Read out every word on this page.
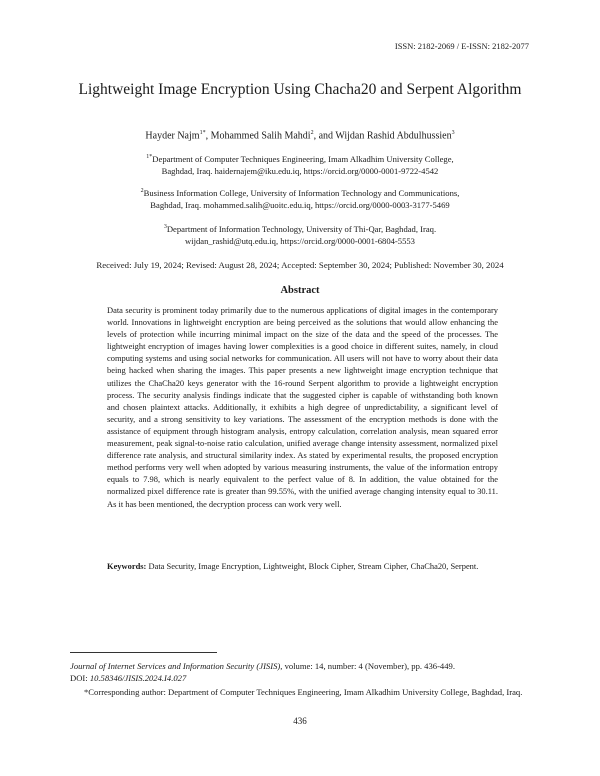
ISSN: 2182-2069 / E-ISSN: 2182-2077
Lightweight Image Encryption Using Chacha20 and Serpent Algorithm
Hayder Najm$^{1*}$, Mohammed Salih Mahdi$^2$, and Wijdan Rashid Abdulhussien$^3$
$^{1*}$Department of Computer Techniques Engineering, Imam Alkadhim University College,
Baghdad, Iraq. haidernajem@iku.edu.iq, https://orcid.org/0000-0001-9722-4542
$^2$Business Information College, University of Information Technology and Communications,
Baghdad, Iraq. mohammed.salih@uoitc.edu.iq, https://orcid.org/0000-0003-3177-5469
$^3$Department of Information Technology, University of Thi-Qar, Baghdad, Iraq.
wijdan_rashid@utq.edu.iq, https://orcid.org/0000-0001-6804-5553
Received: July 19, 2024; Revised: August 28, 2024; Accepted: September 30, 2024; Published: November 30, 2024
Abstract

Data security is prominent today primarily due to the numerous applications of digital images in the contemporary world. Innovations in lightweight encryption are being perceived as the solutions that would allow enhancing the levels of protection while incurring minimal impact on the size of the data and the speed of the processes. The lightweight encryption of images having lower complexities is a good choice in different suites, namely, in cloud computing systems and using social networks for communication. All users will not have to worry about their data being hacked when sharing the images. This paper presents a new lightweight image encryption technique that utilizes the ChaCha20 keys generator with the 16-round Serpent algorithm to provide a lightweight encryption process. The security analysis findings indicate that the suggested cipher is capable of withstanding both known and chosen plaintext attacks. Additionally, it exhibits a high degree of unpredictability, a significant level of security, and a strong sensitivity to key variations. The assessment of the encryption methods is done with the assistance of equipment through histogram analysis, entropy calculation, correlation analysis, mean squared error measurement, peak signal-to-noise ratio calculation, unified average change intensity assessment, normalized pixel difference rate analysis, and structural similarity index. As stated by experimental results, the proposed encryption method performs very well when adopted by various measuring instruments, the value of the information entropy equals to 7.98, which is nearly equivalent to the perfect value of 8. In addition, the value obtained for the normalized pixel difference rate is greater than 99.55%, with the unified average changing intensity equal to 30.11. As it has been mentioned, the decryption process can work very well.

Keywords: Data Security, Image Encryption, Lightweight, Block Cipher, Stream Cipher, ChaCha20, Serpent.

Journal of Internet Services and Information Security (JISIS), volume: 14, number: 4 (November), pp. 436-449.
DOI: 10.58346/JISIS.2024.I4.027
*Corresponding author: Department of Computer Techniques Engineering, Imam Alkadhim University College, Baghdad, Iraq.
436
